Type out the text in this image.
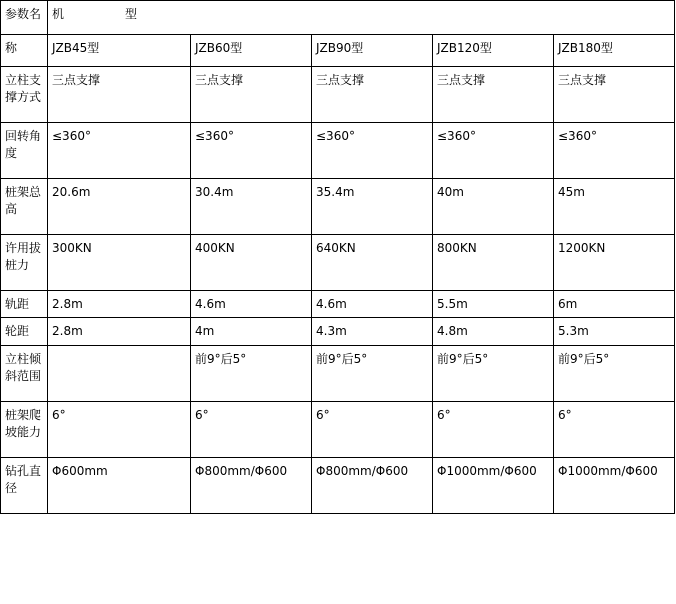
参数名	机 型				
称	JZB45型	JZB60型	JZB90型	JZB120型	JZB180型
立柱支撑方式	三点支撑	三点支撑	三点支撑	三点支撑	三点支撑
回转角度	≤360°	≤360°	≤360°	≤360°	≤360°
桩架总高	20.6m	30.4m	35.4m	40m	45m
许用拔桩力	300KN	400KN	640KN	800KN	1200KN
轨距	2.8m	4.6m	4.6m	5.5m	6m
轮距	2.8m	4m	4.3m	4.8m	5.3m
立柱倾斜范围		前9°后5°	前9°后5°	前9°后5°	前9°后5°
桩架爬坡能力	6°	6°	6°	6°	6°
钻孔直径	Φ600mm	Φ800mm/Φ600	Φ800mm/Φ600	Φ1000mm/Φ600	Φ1000mm/Φ600
